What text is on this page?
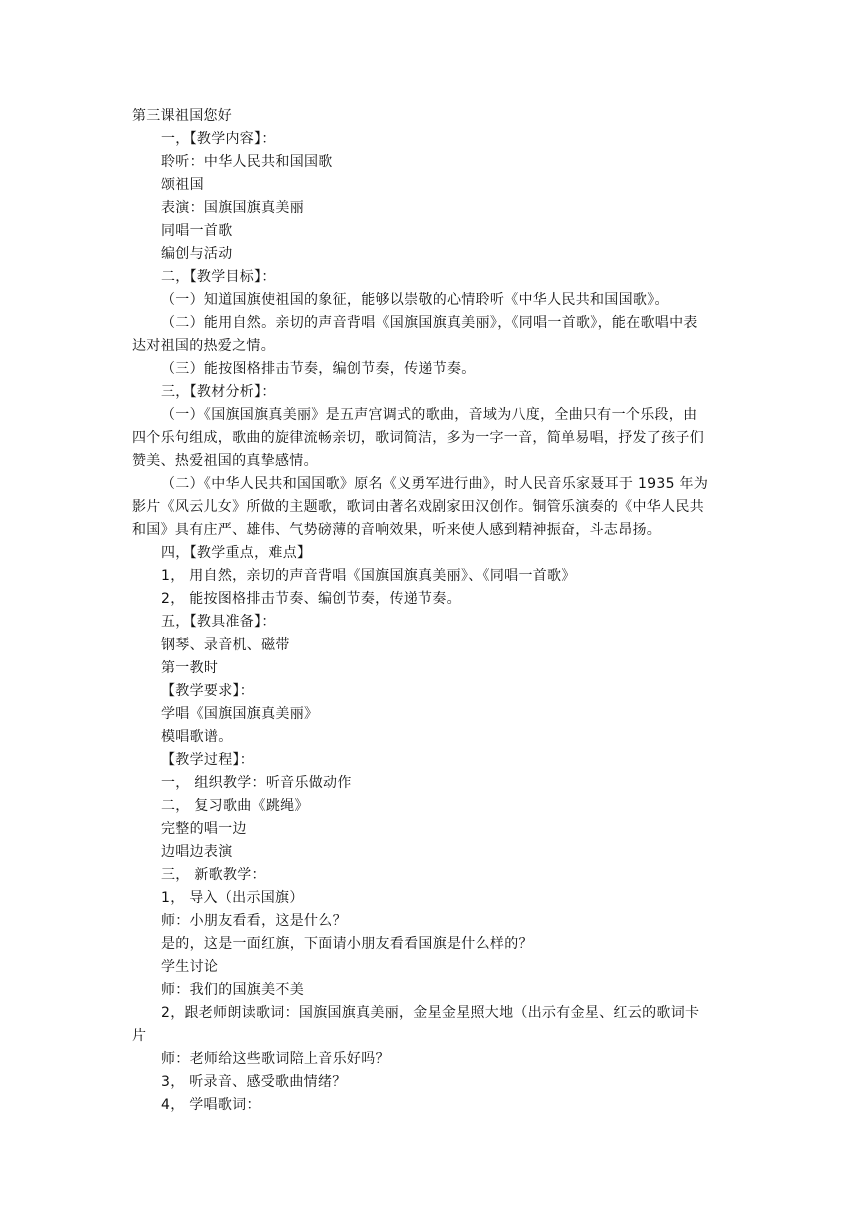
第三课祖国您好
一，【教学内容】：
聆听：中华人民共和国国歌
颂祖国
表演：国旗国旗真美丽
同唱一首歌
编创与活动
二，【教学目标】：
（一）知道国旗使祖国的象征，能够以崇敬的心情聆听《中华人民共和国国歌》。
（二）能用自然。亲切的声音背唱《国旗国旗真美丽》，《同唱一首歌》，能在歌唱中表
达对祖国的热爱之情。
（三）能按图格排击节奏，编创节奏，传递节奏。
三，【教材分析】：
（一）《国旗国旗真美丽》是五声宫调式的歌曲，音域为八度，全曲只有一个乐段，由
四个乐句组成，歌曲的旋律流畅亲切，歌词简洁，多为一字一音，简单易唱，抒发了孩子们
赞美、热爱祖国的真挚感情。
（二）《中华人民共和国国歌》原名《义勇军进行曲》，时人民音乐家聂耳于 1935 年为
影片《风云儿女》所做的主题歌，歌词由著名戏剧家田汉创作。铜管乐演奏的《中华人民共
和国》具有庄严、雄伟、气势磅薄的音响效果，听来使人感到精神振奋，斗志昂扬。
四，【教学重点，难点】
1， 用自然，亲切的声音背唱《国旗国旗真美丽》、《同唱一首歌》
2， 能按图格排击节奏、编创节奏，传递节奏。
五，【教具准备】：
钢琴、录音机、磁带
第一教时
【教学要求】：
学唱《国旗国旗真美丽》
模唱歌谱。
【教学过程】：
一， 组织教学：听音乐做动作
二， 复习歌曲《跳绳》
完整的唱一边
边唱边表演
三， 新歌教学：
1， 导入（出示国旗）
师：小朋友看看，这是什么？
是的，这是一面红旗，下面请小朋友看看国旗是什么样的？
学生讨论
师：我们的国旗美不美
2，跟老师朗读歌词：国旗国旗真美丽，金星金星照大地（出示有金星、红云的歌词卡
片
师：老师给这些歌词陪上音乐好吗？
3， 听录音、感受歌曲情绪？
4， 学唱歌词：
